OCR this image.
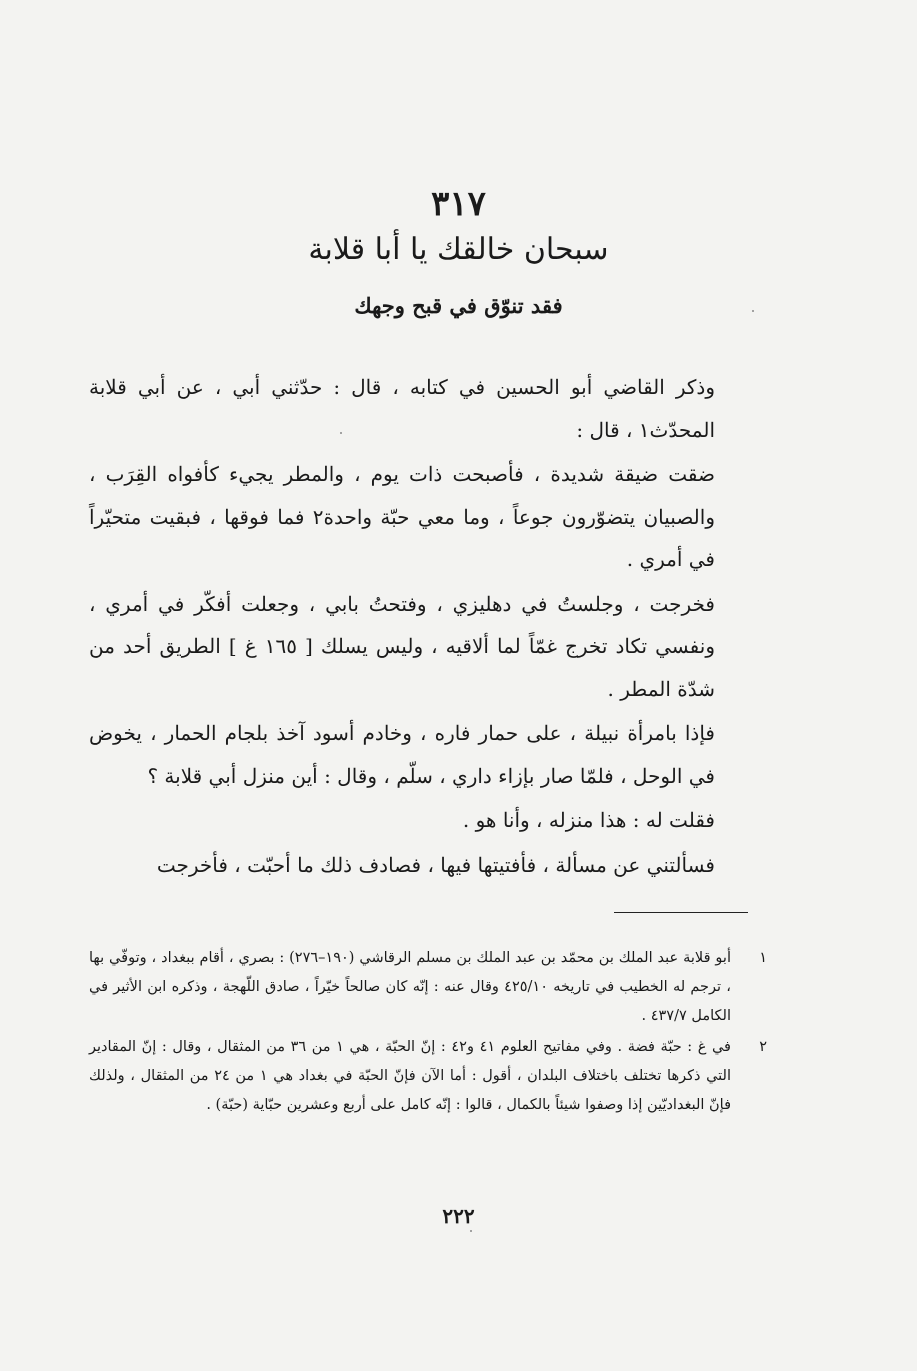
٣١٧
سبحان خالقك يا أبا قلابة
فقد تنوّق في قبح وجهك

وذكر القاضي أبو الحسين في كتابه ، قال : حدّثني أبي ، عن أبي قلابة المحدّث١ ، قال :

ضقت ضيقة شديدة ، فأصبحت ذات يوم ، والمطر يجيء كأفواه القِرَب ، والصبيان يتضوّرون جوعاً ، وما معي حبّة واحدة٢ فما فوقها ، فبقيت متحيّراً في أمري .

فخرجت ، وجلستُ في دهليزي ، وفتحتُ بابي ، وجعلت أفكّر في أمري ، ونفسي تكاد تخرج غمّاً لما ألاقيه ، وليس يسلك [ ١٦٥ غ ] الطريق أحد من شدّة المطر .

فإذا بامرأة نبيلة ، على حمار فاره ، وخادم أسود آخذ بلجام الحمار ، يخوض في الوحل ، فلمّا صار بإزاء داري ، سلّم ، وقال : أين منزل أبي قلابة ؟

فقلت له : هذا منزله ، وأنا هو .

فسألتني عن مسألة ، فأفتيتها فيها ، فصادف ذلك ما أحبّت ، فأخرجت

١
أبو قلابة عبد الملك بن محمّد بن عبد الملك بن مسلم الرقاشي (١٩٠–٢٧٦) : بصري ، أقام ببغداد ، وتوفّي بها ، ترجم له الخطيب في تاريخه ٤٢٥/١٠ وقال عنه : إنّه كان صالحاً خيّراً ، صادق اللّهجة ، وذكره ابن الأثير في الكامل ٤٣٧/٧ .
٢
في غ : حبّة فضة . وفي مفاتيح العلوم ٤١ و٤٢ : إنّ الحبّة ، هي ١ من ٣٦ من المثقال ، وقال : إنّ المقادير التي ذكرها تختلف باختلاف البلدان ، أقول : أما الآن فإنّ الحبّة في بغداد هي ١ من ٢٤ من المثقال ، ولذلك فإنّ البغداديّين إذا وصفوا شيئاً بالكمال ، قالوا : إنّه كامل على أربع وعشرين حبّاية (حبّة) .
٢٢٢
